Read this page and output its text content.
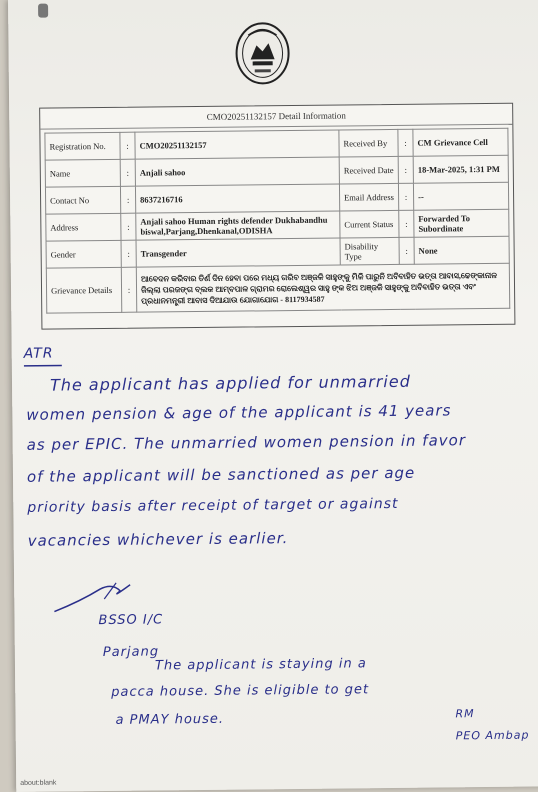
CMO20251132157 Detail Information
Registration No.	:	CMO20251132157	Received By	:	CM Grievance Cell
Name	:	Anjali sahoo	Received Date	:	18-Mar-2025, 1:31 PM
Contact No	:	8637216716	Email Address	:	--
Address	:	Anjali sahoo Human rights defender Dukhabandhu biswal,Parjang,Dhenkanal,ODISHA	Current Status	:	Forwarded To Subordinate
Gender	:	Transgender	Disability Type	:	None
Grievance Details	:	ଆବେଦନ କରିବାର ତିର୍ଣ ଦିନ ହେବା ପରେ ମଧ୍ୟ ଗରିବ ଅଞ୍ଜଳି ସାହୁଙ୍କୁ ମିଳି ପାରୁନି ଅବିବାହିତ ଭତ୍ତା ଆବାସ,ଢେଙ୍କାନାଳ ଜିଲ୍ଲା ପରଜଙ୍ଗ ବ୍ଲକ ଆମ୍ବପାଳ ଗ୍ରାମର ରୋଲେଶ୍ୱର ସାହୁ ଙ୍କ ଝିଅ ଅଞ୍ଜଳି ସାହୁଙ୍କୁ ଅବିବାହିତ ଭତ୍ତା ଏବଂ ପ୍ରଧାନମନ୍ତ୍ରୀ ଆବାସ ଦିଆଯାଉ ଯୋଗାଯୋଗ - 8117934587			
ATR
The applicant has applied for unmarried
women pension & age of the applicant is 41 years
as per EPIC. The unmarried women pension in favor
of the applicant will be sanctioned as per age
priority basis after receipt of target or against
vacancies whichever is earlier.
BSSO I/C
Parjang
The applicant is staying in a
pacca house. She is eligible to get
a PMAY house.	RM
PEO Ambap
about:blank
